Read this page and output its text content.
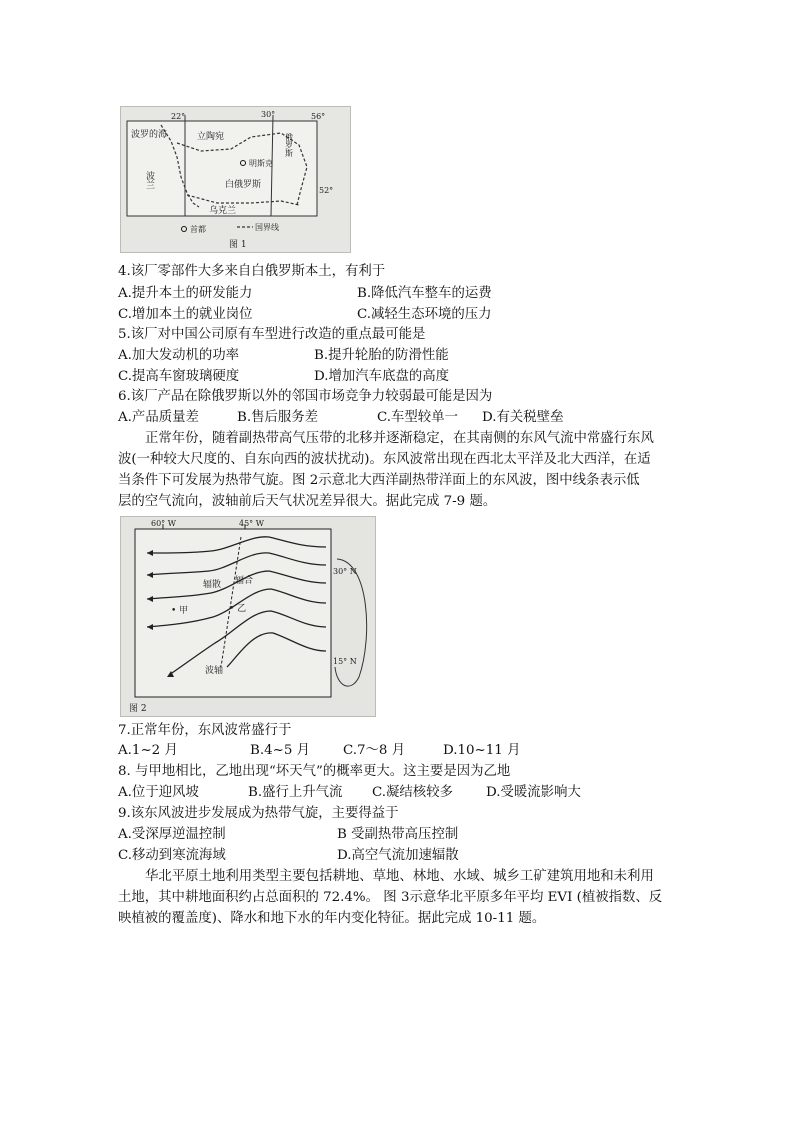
22°	30°	56°
52°
波罗的海	立陶宛	俄罗斯
明斯克
波兰	白俄罗斯
乌克兰
首都	国界线
图 1
4.该厂零部件大多来自白俄罗斯本土，有利于
A.提升本土的研发能力	B.降低汽车整车的运费
C.增加本土的就业岗位	C.减轻生态环境的压力
5.该厂对中国公司原有车型进行改造的重点最可能是
A.加大发动机的功率	B.提升轮胎的防滑性能
C.提高车窗玻璃硬度	D.增加汽车底盘的高度
6.该厂产品在除俄罗斯以外的邻国市场竞争力较弱最可能是因为
A.产品质量差	B.售后服务差	C.车型较单一 D.有关税壁垒
正常年份，随着副热带高气压带的北移并逐渐稳定，在其南侧的东风气流中常盛行东风
波(一种较大尺度的、自东向西的波状扰动)。东风波常出现在西北太平洋及北大西洋，在适
当条件下可发展为热带气旋。图 2示意北大西洋副热带洋面上的东风波，图中线条表示低
层的空气流向，波轴前后天气状况差异很大。据此完成 7-9 题。
60° W	45° W
辐散 辐合
• 甲	• 乙
波轴
30° N
15° N
图 2
7.正常年份，东风波常盛行于
A.1~2 月	B.4~5 月 C.7～8 月	D.10~11 月
8. 与甲地相比，乙地出现“坏天气”的概率更大。这主要是因为乙地
A.位于迎风坡	B.盛行上升气流 C.凝结核较多 D.受暖流影响大
9.该东风波进步发展成为热带气旋，主要得益于
A.受深厚逆温控制	B 受副热带高压控制
C.移动到寒流海域	D.高空气流加速辐散
华北平原土地利用类型主要包括耕地、草地、林地、水域、城乡工矿建筑用地和未利用
土地，其中耕地面积约占总面积的 72.4%。 图 3示意华北平原多年平均 EVI (植被指数、反
映植被的覆盖度)、降水和地下水的年内变化特征。据此完成 10-11 题。
